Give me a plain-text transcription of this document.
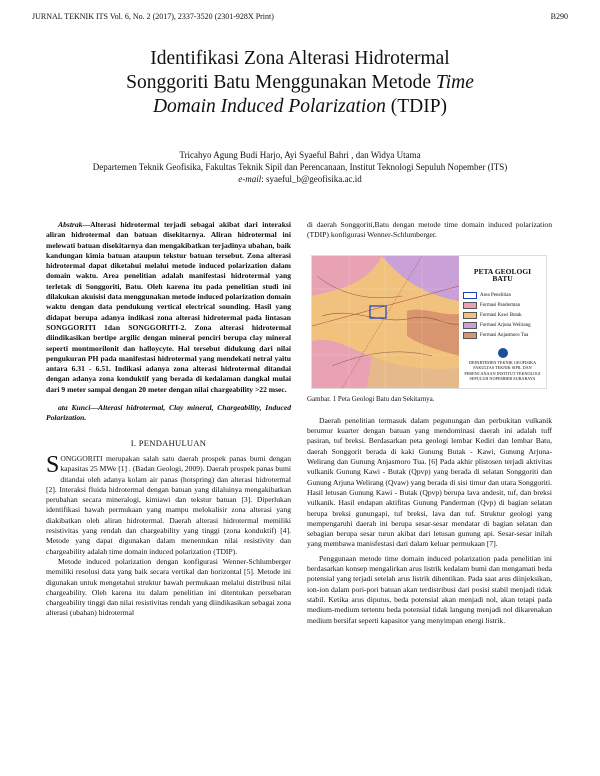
JURNAL TEKNIK ITS Vol. 6, No. 2 (2017), 2337-3520 (2301-928X Print)	B290
Identifikasi Zona Alterasi Hidrotermal
Songgoriti Batu Menggunakan Metode Time
Domain Induced Polarization (TDIP)
Tricahyo Agung Budi Harjo, Ayi Syaeful Bahri , dan Widya Utama
Departemen Teknik Geofisika, Fakultas Teknik Sipil dan Perencanaan, Institut Teknologi Sepuluh Nopember (ITS)
e-mail: syaeful_b@geofisika.ac.id
Abstrak—Alterasi hidrotermal terjadi sebagai akibat dari interaksi aliran hidrotermal dan batuan disekitarnya. Aliran hidrotermal ini melewati batuan disekitarnya dan mengakibatkan terjadinya ubahan, baik kandungan kimia batuan ataupun tekstur batuan tersebut. Zona alterasi hidrotermal dapat diketahui melalui metode induced polarization dalam domain waktu. Area penelitian adalah manifestasi hidrotermal yang terletak di Songgoriti, Batu. Oleh karena itu pada penelitian studi ini dilakukan akuisisi data menggunakan metode induced polarization domain waktu dengan data pendukung vertical electrical sounding. Hasil yang didapat berupa adanya indikasi zona alterasi hidrotermal pada lintasan SONGGORITI 1dan SONGGORITI-2. Zona alterasi hidrotermal diindikasikan bertipe argilic dengan mineral penciri berupa clay mineral seperti montmorilonit dan halloycyte. Hal tersebut didukung dari nilai pengukuran PH pada manifestasi hidrotermal yang mendekati netral yaitu antara 6.31 - 6.51. Indikasi adanya zona alterasi hidrotermal ditandai dengan adanya zona konduktif yang berada di kedalaman dangkal mulai dari 9 meter sampai dengan 20 meter dengan nilai chargeability >22 msec.
ata Kunci—Alterasi hidrotermal, Clay mineral, Chargeability, Induced Polarization.
I. PENDAHULUAN
SONGGORITI merupakan salah satu daerah prospek panas bumi dengan kapasitas 25 MWe [1] . (Badan Geologi, 2009). Daerah prospek panas bumi ditandai oleh adanya kolam air panas (hotspring) dan alterasi hidrotermal [2]. Interaksi fluida hidrotermal dengan batuan yang dilaluinya mengakibatkan perubahan secara mineralogi, kimiawi dan tekstur batuan [3]. Diperlukan identifikasi bawah permukaan yang mampu melokalisir zona alterasi yang diakibatkan oleh aliran hidrotermal. Daerah alterasi hidrotermal memiliki resistivitas yang rendah dan chargeability yang tinggi (zona konduktif) [4]. Metode yang dapat digunakan dalam menentukan nilai resistivity dan chargeability adalah time domain induced polarization (TDIP).
Metode induced polarization dengan konfigurasi Wenner-Schlumberger memiliki resolusi data yang baik secara vertikal dan horizontal [5]. Metode ini digunakan untuk mengetahui struktur bawah permukaan melalui distribusi nilai chargeability. Oleh karena itu dalam penelitian ini ditentukan persebaran chargeability tinggi dan nilai resistivitas rendah yang diindikasikan sebagai zona alterasi (ubahan) hidrotermal
di daerah Songgoriti,Batu dengan metode time domain induced polarization (TDIP) konfigurasi Wenner-Schlumberger.
PETA GEOLOGI BATU
Area Penelitian
Formasi Panderman
Formasi Kawi Butak
Formasi Arjuna Welirang
Formasi Anjasmoro Tua
DEPARTEMEN TEKNIK GEOFISIKA FAKULTAS TEKNIK SIPIL DAN PERENCANAAN INSTITUT TEKNOLOGI SEPULUH NOPEMBER SURABAYA
Gambar. 1 Peta Geologi Batu dan Sekitarnya.
Daerah penelitian termasuk dalam pegunungan dan perbukitan vulkanik berumur kuarter dengan batuan yang mendominasi daerah ini adalah tuff pasiran, tuf breksi. Berdasarkan peta geologi lembar Kediri dan lembar Batu, daerah Songgorit berada di kaki Gunung Butak - Kawi, Gunung Arjuna-Welirang dan Gunung Anjasmoro Tua. [6] Pada akhir plistosen terjadi aktivitas vulkanik Gunung Kawi - Butak (Qpvp) yang berada di selatan Songgoriti dan Gunung Arjuna Welirang (Qvaw) yang berada di sisi timur dan utara Songgoriti. Hasil letusan Gunung Kawi - Butak (Qpvp) berupa lava andesit, tuf, dan breksi vulkanik. Hasil endapan aktifitas Gunung Panderman (Qvp) di bagian selatan berupa breksi gunungapi, tuf breksi, lava dan tuf. Struktur geologi yang mempengaruhi daerah ini berupa sesar-sesar mendatar di bagian selatan dan sebagian berupa sesar turun akibat dari letusan gunung api. Sesar-sesar inilah yang membawa manisfestasi dari dalam keluar permukaan [7].
Penggunaan metode time domain induced polarization pada penelitian ini berdasarkan konsep mengalirkan arus listrik kedalam bumi dan mengamati beda potensial yang terjadi setelah arus listrik dihentikan. Pada saat arus diinjeksikan, ion-ion dalam pori-pori batuan akan terdistribusi dari posisi stabil menjadi tidak stabil. Ketika arus diputus, beda potensial akan menjadi nol, akan tetapi pada medium-medium tertentu beda potensial tidak langung menjadi nol dikarenakan medium bersifat seperti kapasitor yang menyimpan energi listrik.
